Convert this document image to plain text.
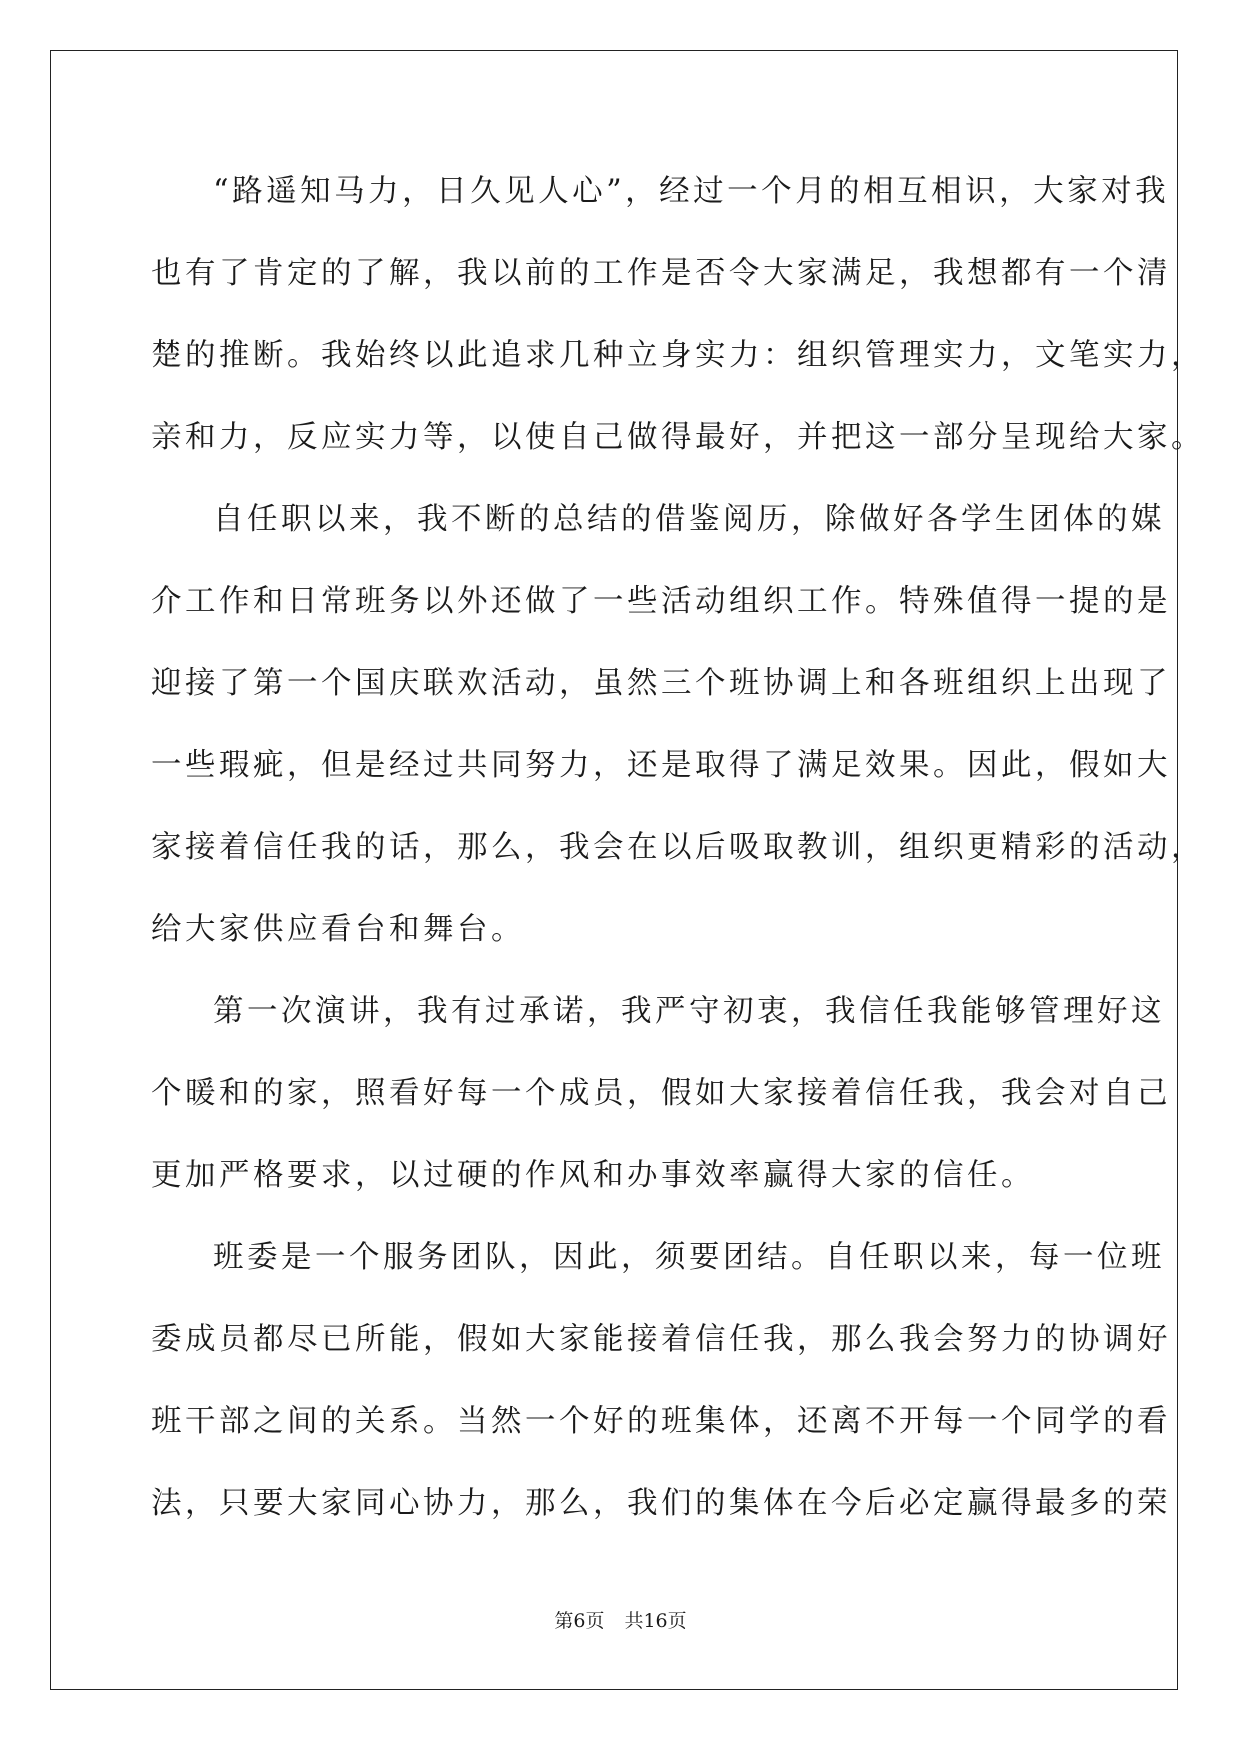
“路遥知马力，日久见人心”，经过一个月的相互相识，大家对我
也有了肯定的了解，我以前的工作是否令大家满足，我想都有一个清
楚的推断。我始终以此追求几种立身实力：组织管理实力，文笔实力，
亲和力，反应实力等，以使自己做得最好，并把这一部分呈现给大家。
自任职以来，我不断的总结的借鉴阅历，除做好各学生团体的媒
介工作和日常班务以外还做了一些活动组织工作。特殊值得一提的是
迎接了第一个国庆联欢活动，虽然三个班协调上和各班组织上出现了
一些瑕疵，但是经过共同努力，还是取得了满足效果。因此，假如大
家接着信任我的话，那么，我会在以后吸取教训，组织更精彩的活动，
给大家供应看台和舞台。
第一次演讲，我有过承诺，我严守初衷，我信任我能够管理好这
个暖和的家，照看好每一个成员，假如大家接着信任我，我会对自己
更加严格要求，以过硬的作风和办事效率赢得大家的信任。
班委是一个服务团队，因此，须要团结。自任职以来，每一位班
委成员都尽已所能，假如大家能接着信任我，那么我会努力的协调好
班干部之间的关系。当然一个好的班集体，还离不开每一个同学的看
法，只要大家同心协力，那么，我们的集体在今后必定赢得最多的荣
第6页 共16页
